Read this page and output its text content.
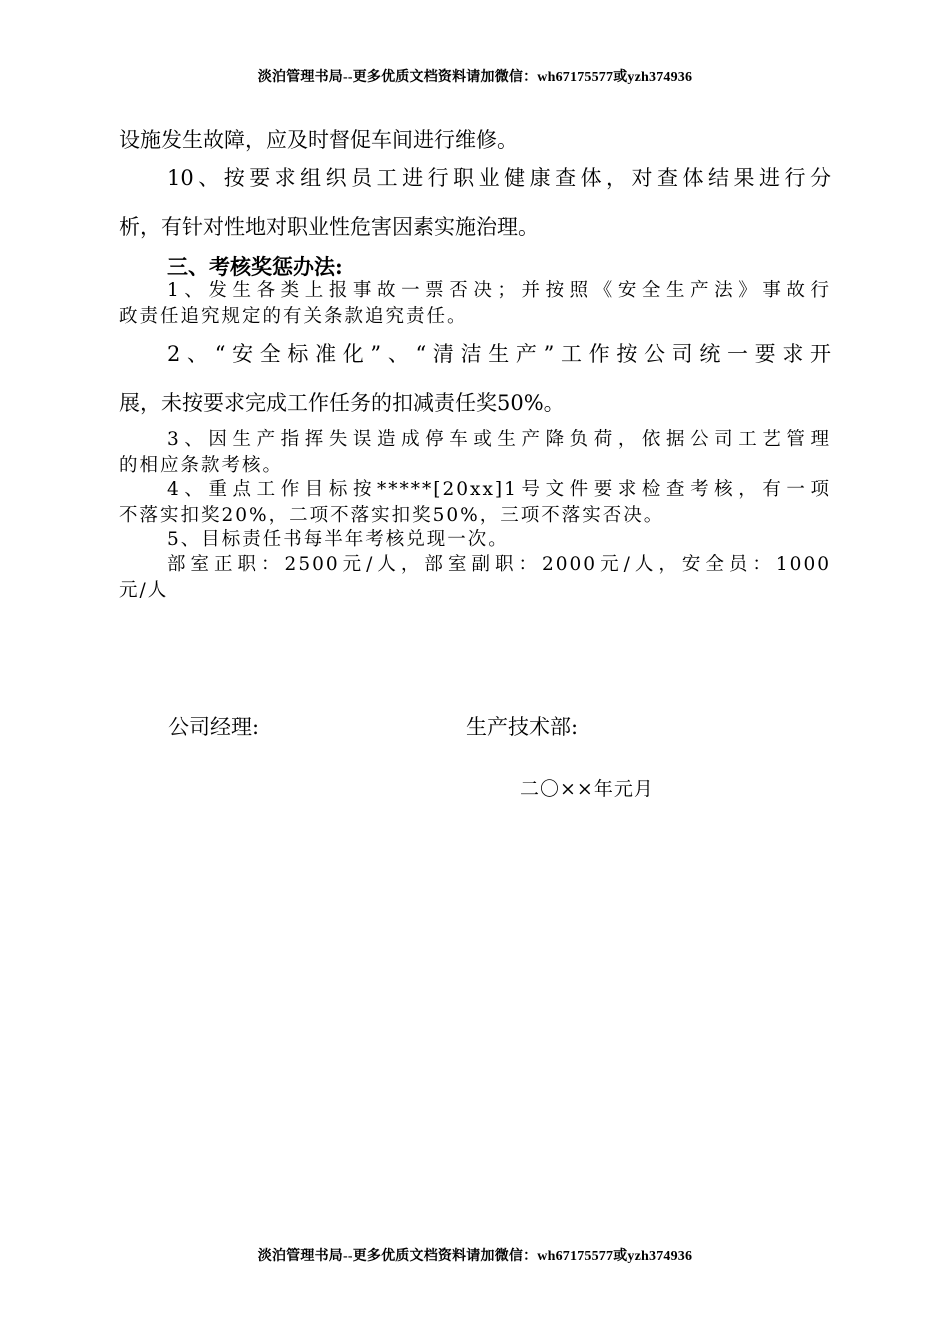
淡泊管理书局--更多优质文档资料请加微信：wh67175577或yzh374936
设施发生故障，应及时督促车间进行维修。
10、按要求组织员工进行职业健康查体，对查体结果进行分
析，有针对性地对职业性危害因素实施治理。
三、考核奖惩办法:
1、发生各类上报事故一票否决；并按照《安全生产法》事故行
政责任追究规定的有关条款追究责任。
2、“安全标准化”、“清洁生产”工作按公司统一要求开
展，未按要求完成工作任务的扣减责任奖50%。
3、因生产指挥失误造成停车或生产降负荷，依据公司工艺管理
的相应条款考核。
4、重点工作目标按*****[20xx]1号文件要求检查考核，有一项
不落实扣奖20%，二项不落实扣奖50%，三项不落实否决。
5、目标责任书每半年考核兑现一次。
部室正职：2500元/人，部室副职：2000元/人，安全员：1000
元/人
公司经理:	生产技术部:
二〇××年元月
淡泊管理书局--更多优质文档资料请加微信：wh67175577或yzh374936
